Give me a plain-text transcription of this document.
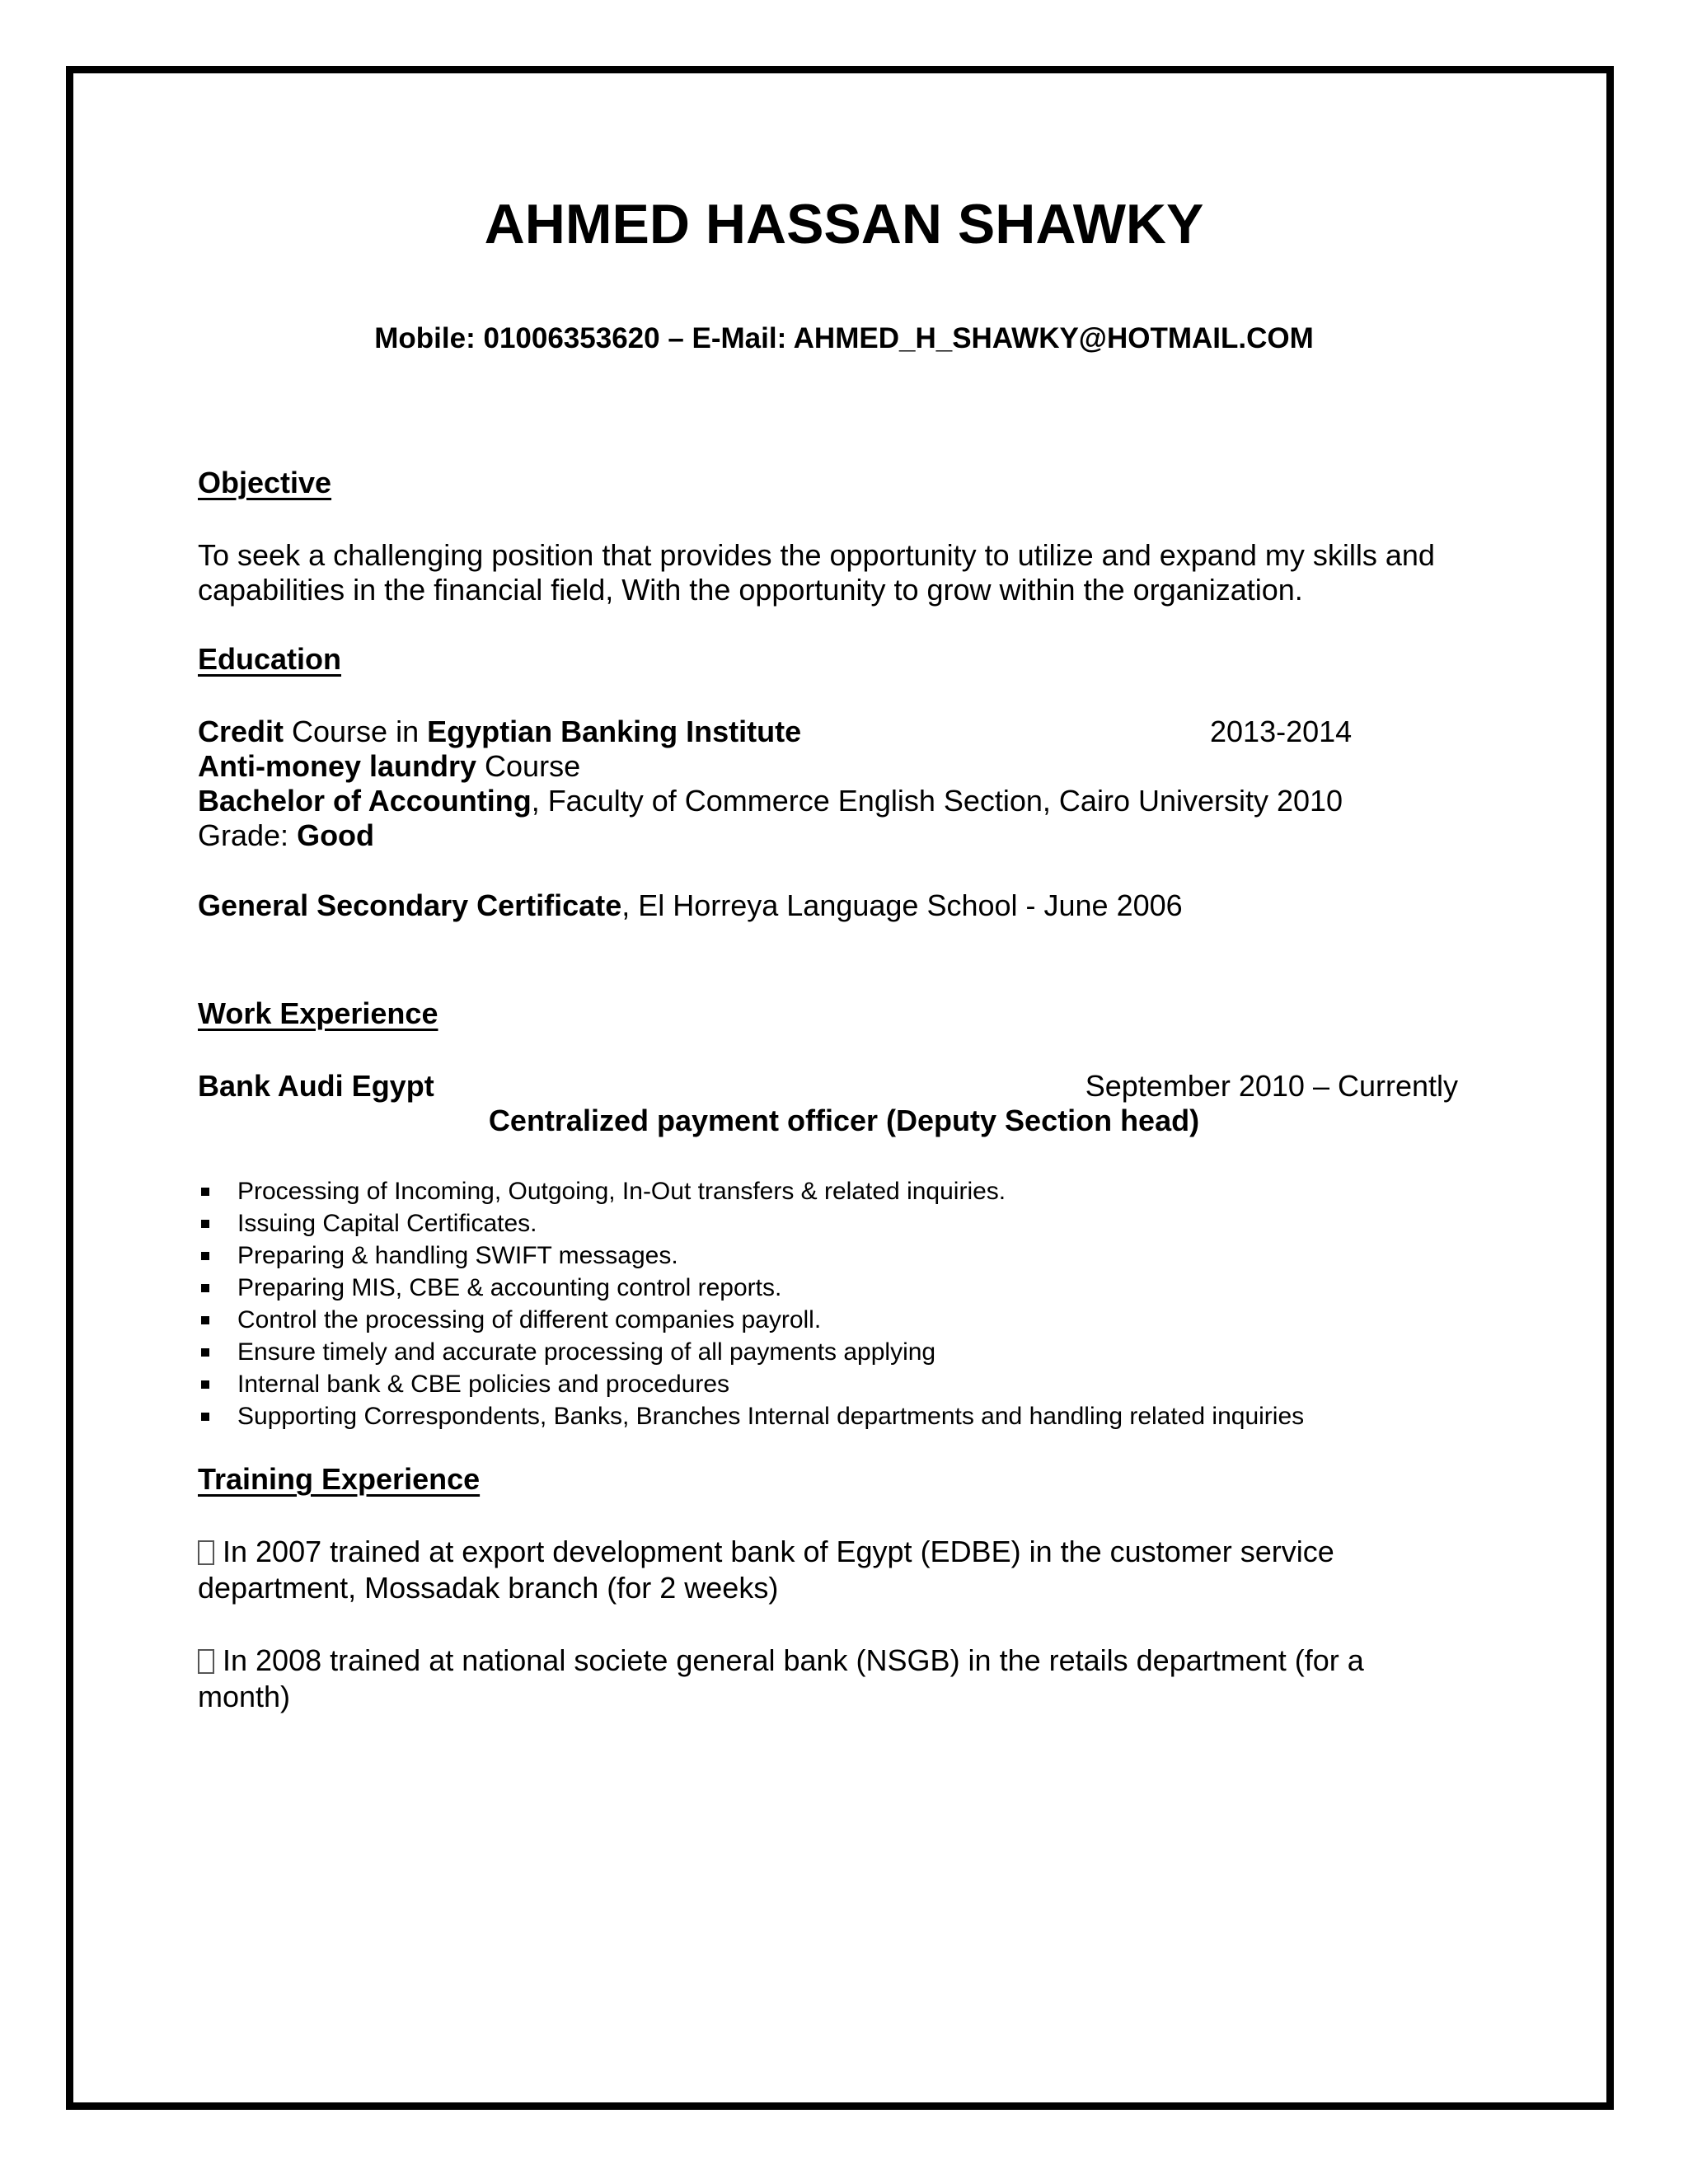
AHMED HASSAN SHAWKY
Mobile: 01006353620 – E-Mail: AHMED_H_SHAWKY@HOTMAIL.COM
Objective
To seek a challenging position that provides the opportunity to utilize and expand my skills and
capabilities in the financial field, With the opportunity to grow within the organization.
Education
Credit Course in Egyptian Banking Institute	2013-2014
Anti-money laundry Course
Bachelor of Accounting, Faculty of Commerce English Section, Cairo University 2010
Grade: Good
General Secondary Certificate, El Horreya Language School - June 2006
Work Experience
Bank Audi Egypt	September 2010 – Currently
Centralized payment officer (Deputy Section head)
Processing of Incoming, Outgoing, In-Out transfers & related inquiries.
Issuing Capital Certificates.
Preparing & handling SWIFT messages.
Preparing MIS, CBE & accounting control reports.
Control the processing of different companies payroll.
Ensure timely and accurate processing of all payments applying
Internal bank & CBE policies and procedures
Supporting Correspondents, Banks, Branches Internal departments and handling related inquiries
Training Experience
In 2007 trained at export development bank of Egypt (EDBE) in the customer service
department, Mossadak branch (for 2 weeks)
In 2008 trained at national societe general bank (NSGB) in the retails department (for a
month)
